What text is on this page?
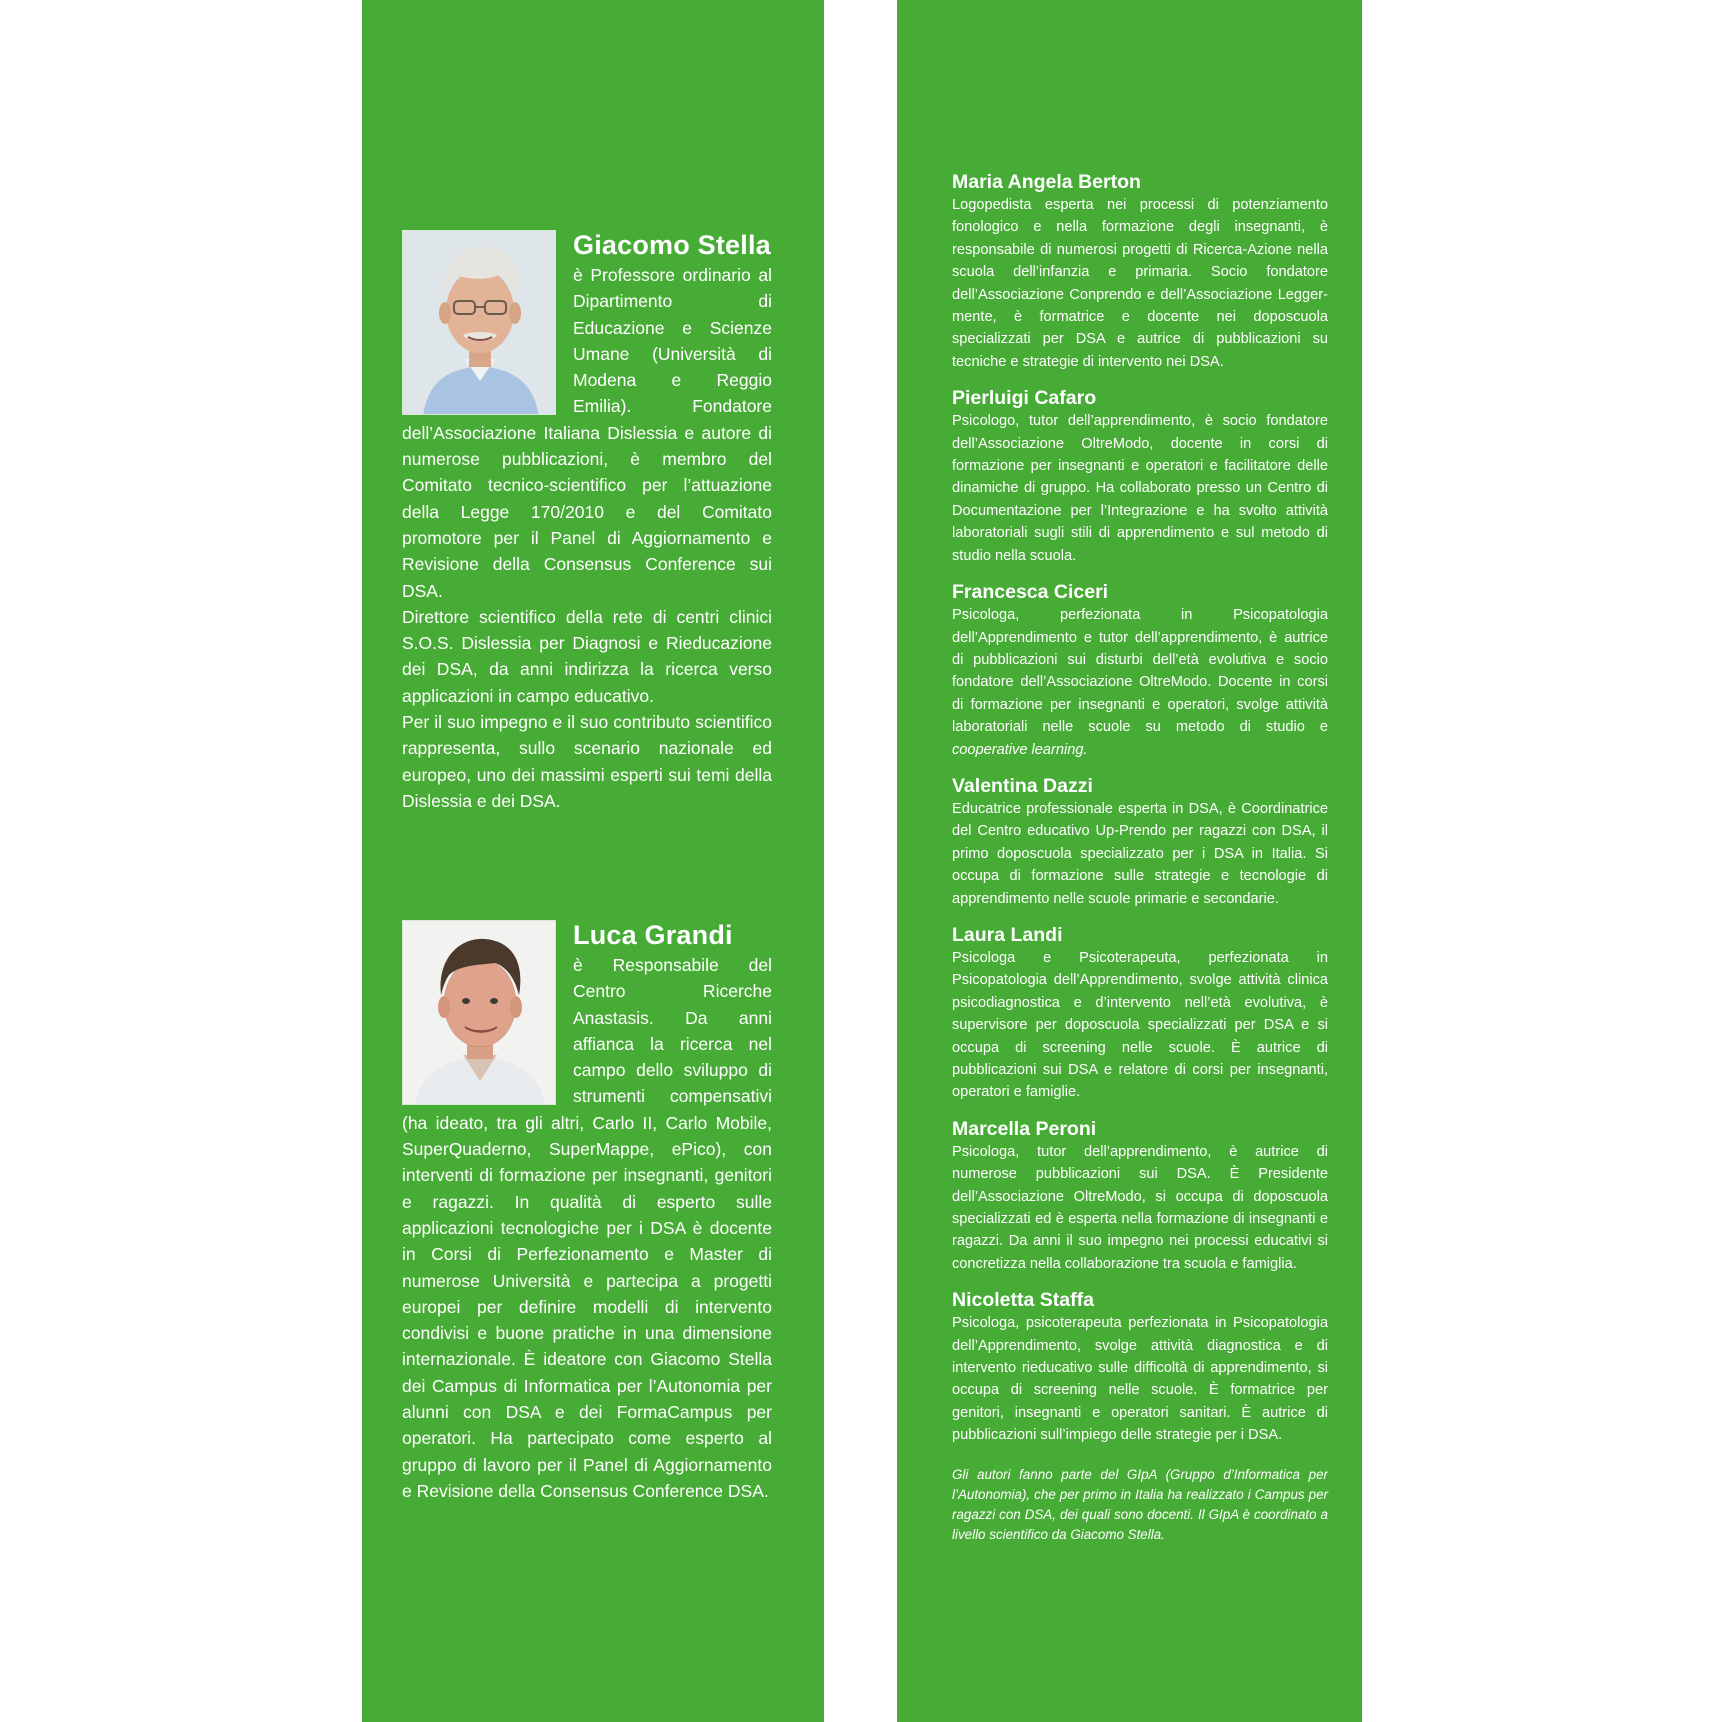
Giacomo Stella
è Professore ordinario al Dipartimento di Educazione e Scienze Umane (Università di Modena e Reggio Emilia). Fondatore dell’Associazione Italiana Dislessia e autore di numerose pubblicazioni, è membro del Comitato tecnico-scientifico per l’attuazione della Legge 170/2010 e del Comitato promotore per il Panel di Aggiornamento e Revisione della Consensus Conference sui DSA.
Direttore scientifico della rete di centri clinici S.O.S. Dislessia per Diagnosi e Rieducazione dei DSA, da anni indirizza la ricerca verso applicazioni in campo educativo.
Per il suo impegno e il suo contributo scientifico rappresenta, sullo scenario nazionale ed europeo, uno dei massimi esperti sui temi della Dislessia e dei DSA.
Luca Grandi
è Responsabile del Centro Ricerche Anastasis. Da anni affianca la ricerca nel campo dello sviluppo di strumenti compensativi (ha ideato, tra gli altri, Carlo II, Carlo Mobile, SuperQuaderno, SuperMappe, ePico), con interventi di formazione per insegnanti, genitori e ragazzi. In qualità di esperto sulle applicazioni tecnologiche per i DSA è docente in Corsi di Perfezionamento e Master di numerose Università e partecipa a progetti europei per definire modelli di intervento condivisi e buone pratiche in una dimensione internazionale. È ideatore con Giacomo Stella dei Campus di Informatica per l’Autonomia per alunni con DSA e dei FormaCampus per operatori. Ha partecipato come esperto al gruppo di lavoro per il Panel di Aggiornamento e Revisione della Consensus Conference DSA.
Maria Angela Berton
Logopedista esperta nei processi di potenziamento fonologico e nella formazione degli insegnanti, è responsabile di numerosi progetti di Ricerca-Azione nella scuola dell’infanzia e primaria. Socio fondatore dell’Associazione Conprendo e dell’Associazione Legger-mente, è formatrice e docente nei doposcuola specializzati per DSA e autrice di pubblicazioni su tecniche e strategie di intervento nei DSA.
Pierluigi Cafaro
Psicologo, tutor dell’apprendimento, è socio fondatore dell’Associazione OltreModo, docente in corsi di formazione per insegnanti e operatori e facilitatore delle dinamiche di gruppo. Ha collaborato presso un Centro di Documentazione per l’Integrazione e ha svolto attività laboratoriali sugli stili di apprendimento e sul metodo di studio nella scuola.
Francesca Ciceri
Psicologa, perfezionata in Psicopatologia dell’Apprendimento e tutor dell’apprendimento, è autrice di pubblicazioni sui disturbi dell’età evolutiva e socio fondatore dell’Associazione OltreModo. Docente in corsi di formazione per insegnanti e operatori, svolge attività laboratoriali nelle scuole su metodo di studio e cooperative learning.
Valentina Dazzi
Educatrice professionale esperta in DSA, è Coordinatrice del Centro educativo Up-Prendo per ragazzi con DSA, il primo doposcuola specializzato per i DSA in Italia. Si occupa di formazione sulle strategie e tecnologie di apprendimento nelle scuole primarie e secondarie.
Laura Landi
Psicologa e Psicoterapeuta, perfezionata in Psicopatologia dell’Apprendimento, svolge attività clinica psicodiagnostica e d’intervento nell’età evolutiva, è supervisore per doposcuola specializzati per DSA e si occupa di screening nelle scuole. È autrice di pubblicazioni sui DSA e relatore di corsi per insegnanti, operatori e famiglie.
Marcella Peroni
Psicologa, tutor dell’apprendimento, è autrice di numerose pubblicazioni sui DSA. È Presidente dell’Associazione OltreModo, si occupa di doposcuola specializzati ed è esperta nella formazione di insegnanti e ragazzi. Da anni il suo impegno nei processi educativi si concretizza nella collaborazione tra scuola e famiglia.
Nicoletta Staffa
Psicologa, psicoterapeuta perfezionata in Psicopatologia dell’Apprendimento, svolge attività diagnostica e di intervento rieducativo sulle difficoltà di apprendimento, si occupa di screening nelle scuole. È formatrice per genitori, insegnanti e operatori sanitari. È autrice di pubblicazioni sull’impiego delle strategie per i DSA.
Gli autori fanno parte del GIpA (Gruppo d’Informatica per l’Autonomia), che per primo in Italia ha realizzato i Campus per ragazzi con DSA, dei quali sono docenti. Il GIpA è coordinato a livello scientifico da Giacomo Stella.
